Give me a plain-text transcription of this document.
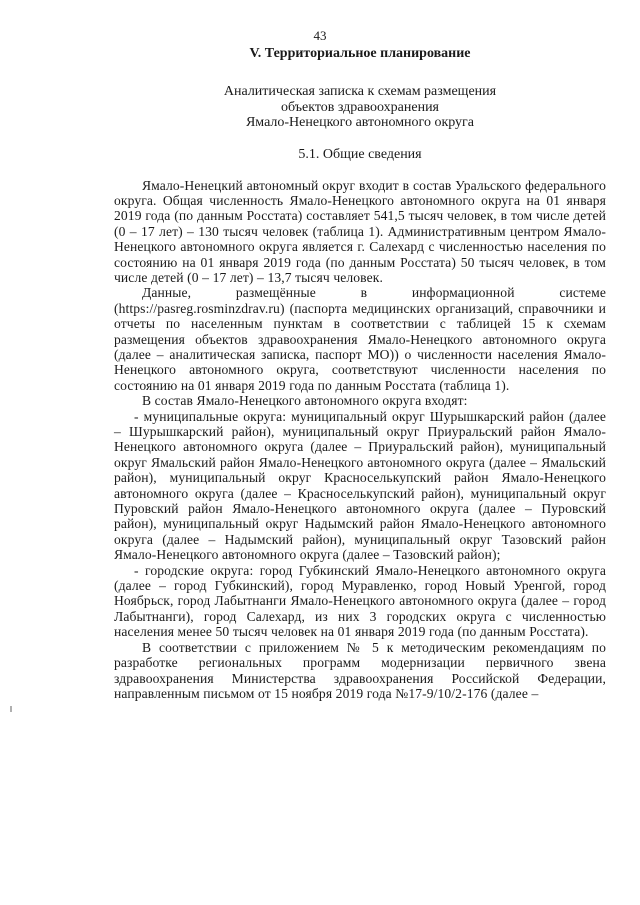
43
V. Территориальное планирование
Аналитическая записка к схемам размещения
объектов здравоохранения
Ямало-Ненецкого автономного округа
5.1. Общие сведения

Ямало-Ненецкий автономный округ входит в состав Уральского федерального округа. Общая численность Ямало-Ненецкого автономного округа на 01 января 2019 года (по данным Росстата) составляет 541,5 тысяч человек, в том числе детей (0 – 17 лет) – 130 тысяч человек (таблица 1). Административным центром Ямало-Ненецкого автономного округа является г. Салехард с численностью населения по состоянию на 01 января 2019 года (по данным Росстата) 50 тысяч человек, в том числе детей (0 – 17 лет) – 13,7 тысяч человек.

Данные, размещённые в информационной системе (https://pasreg.rosminzdrav.ru) (паспорта медицинских организаций, справочники и отчеты по населенным пунктам в соответствии с таблицей 15 к схемам размещения объектов здравоохранения Ямало-Ненецкого автономного округа (далее – аналитическая записка, паспорт МО)) о численности населения Ямало-Ненецкого автономного округа, соответствуют численности населения по состоянию на 01 января 2019 года по данным Росстата (таблица 1).

В состав Ямало-Ненецкого автономного округа входят:

- муниципальные округа: муниципальный округ Шурышкарский район (далее – Шурышкарский район), муниципальный округ Приуральский район Ямало-Ненецкого автономного округа (далее – Приуральский район), муниципальный округ Ямальский район Ямало-Ненецкого автономного округа (далее – Ямальский район), муниципальный округ Красноселькупский район Ямало-Ненецкого автономного округа (далее – Красноселькупский район), муниципальный округ Пуровский район Ямало-Ненецкого автономного округа (далее – Пуровский район), муниципальный округ Надымский район Ямало-Ненецкого автономного округа (далее – Надымский район), муниципальный округ Тазовский район Ямало-Ненецкого автономного округа (далее – Тазовский район);

- городские округа: город Губкинский Ямало-Ненецкого автономного округа (далее – город Губкинский), город Муравленко, город Новый Уренгой, город Ноябрьск, город Лабытнанги Ямало-Ненецкого автономного округа (далее – город Лабытнанги), город Салехард, из них 3 городских округа с численностью населения менее 50 тысяч человек на 01 января 2019 года (по данным Росстата).

В соответствии с приложением № 5 к методическим рекомендациям по разработке региональных программ модернизации первичного звена здравоохранения Министерства здравоохранения Российской Федерации, направленным письмом от 15 ноября 2019 года №17-9/10/2-176 (далее –
